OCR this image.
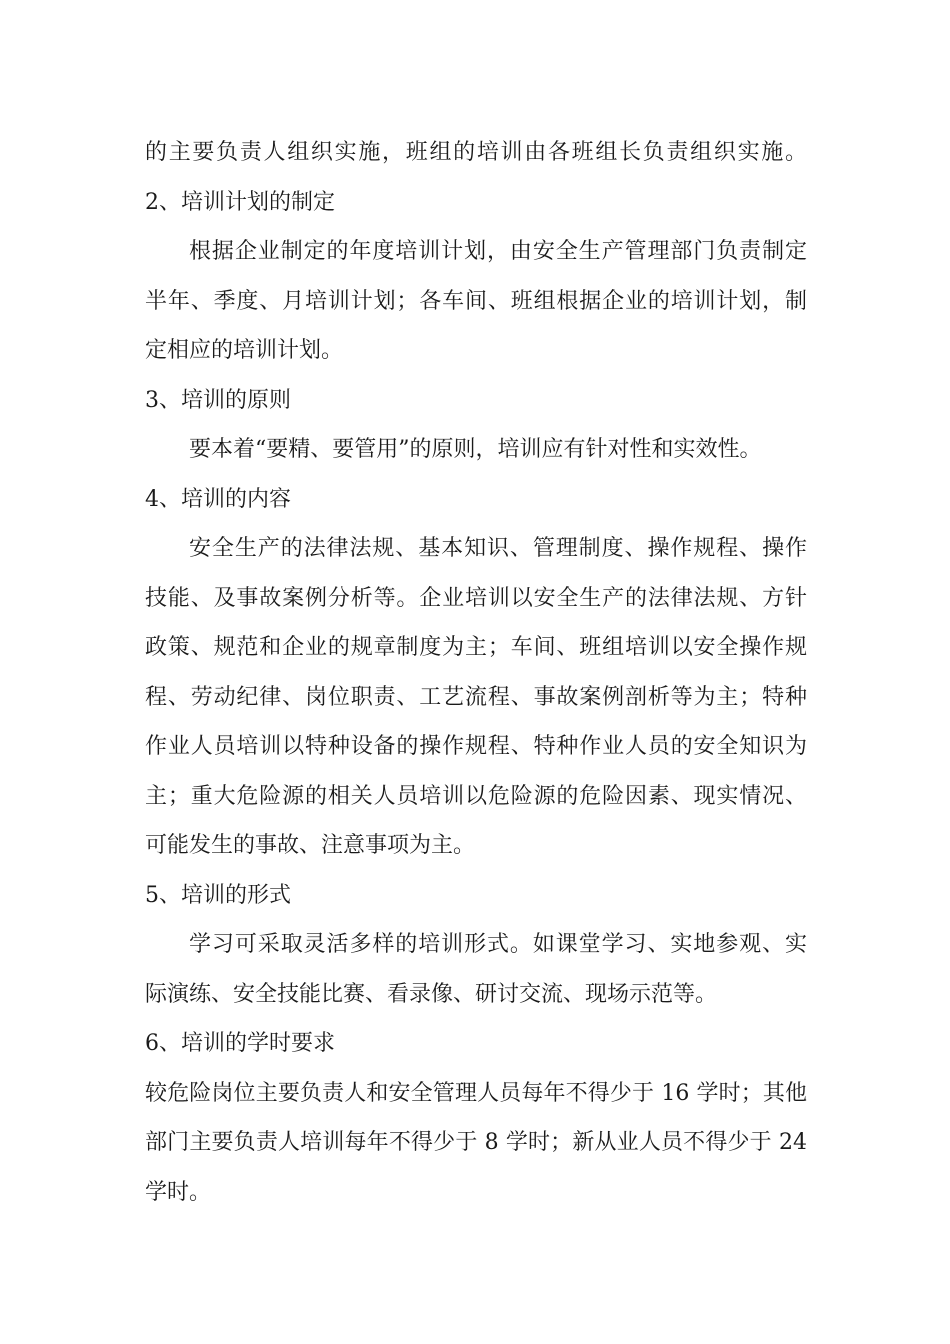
的主要负责人组织实施，班组的培训由各班组长负责组织实施。
2、培训计划的制定
根据企业制定的年度培训计划，由安全生产管理部门负责制定
半年、季度、月培训计划；各车间、班组根据企业的培训计划，制
定相应的培训计划。
3、培训的原则
要本着“要精、要管用”的原则，培训应有针对性和实效性。
4、培训的内容
安全生产的法律法规、基本知识、管理制度、操作规程、操作
技能、及事故案例分析等。企业培训以安全生产的法律法规、方针
政策、规范和企业的规章制度为主；车间、班组培训以安全操作规
程、劳动纪律、岗位职责、工艺流程、事故案例剖析等为主；特种
作业人员培训以特种设备的操作规程、特种作业人员的安全知识为
主；重大危险源的相关人员培训以危险源的危险因素、现实情况、
可能发生的事故、注意事项为主。
5、培训的形式
学习可采取灵活多样的培训形式。如课堂学习、实地参观、实
际演练、安全技能比赛、看录像、研讨交流、现场示范等。
6、培训的学时要求
较危险岗位主要负责人和安全管理人员每年不得少于 16 学时；其他
部门主要负责人培训每年不得少于 8 学时；新从业人员不得少于 24
学时。
